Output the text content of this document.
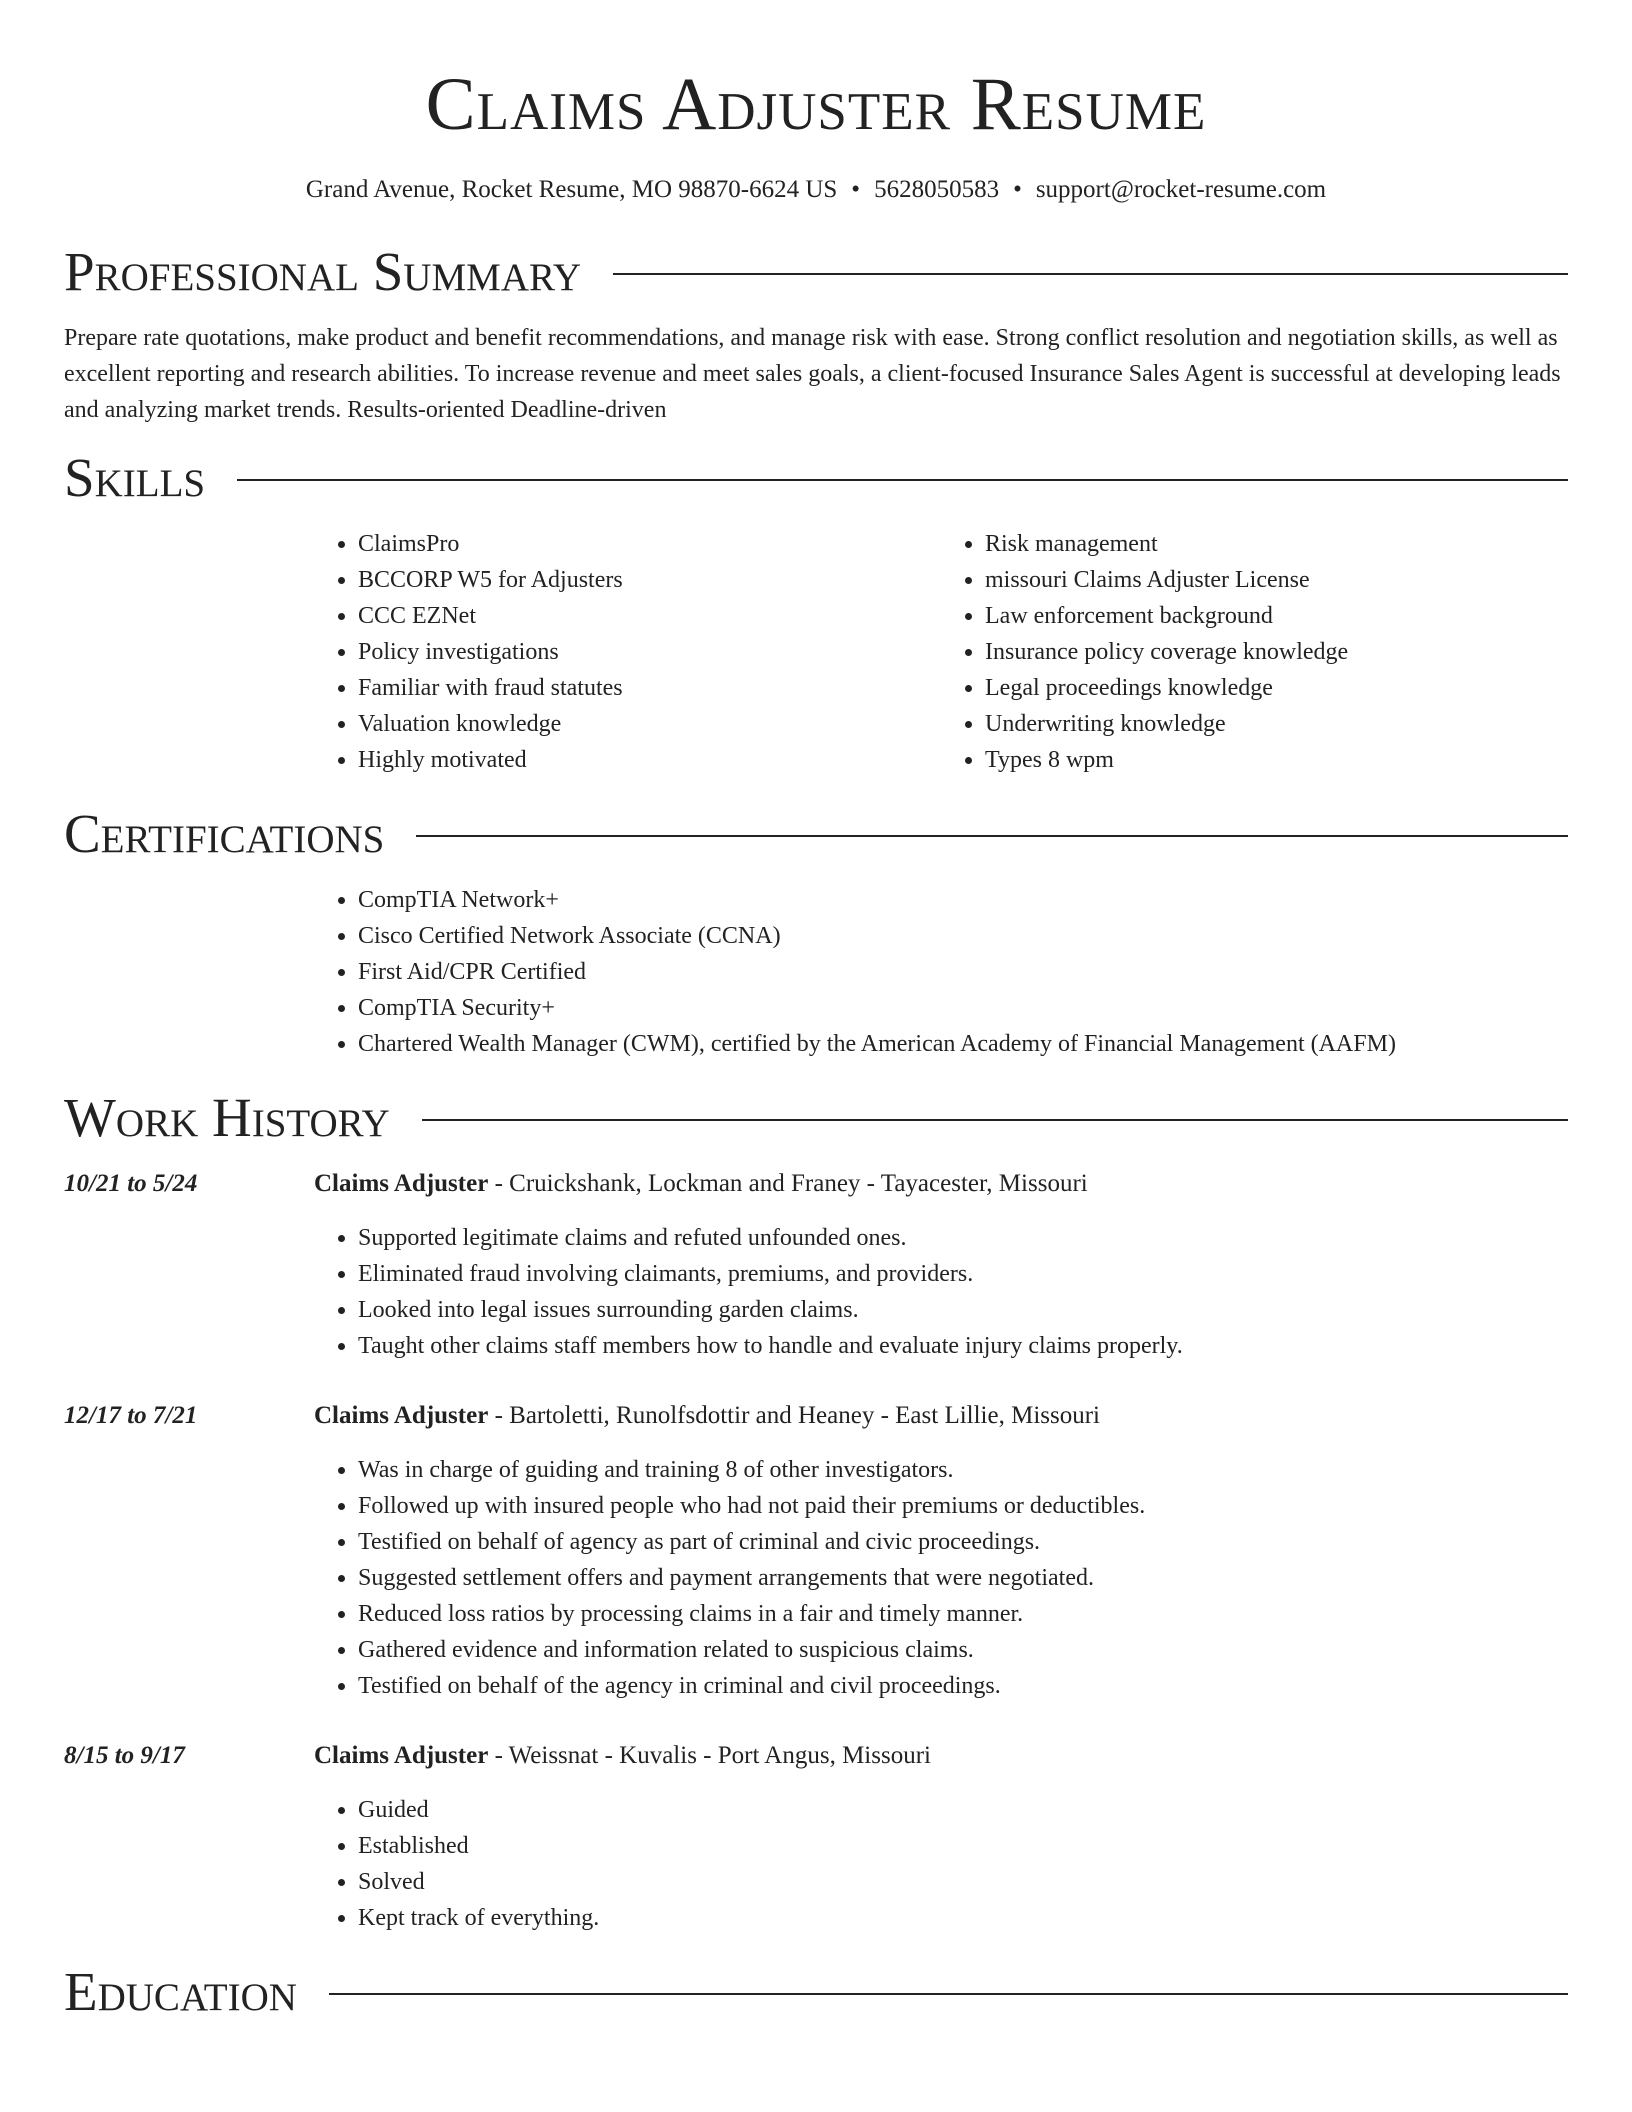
Claims Adjuster Resume
Grand Avenue, Rocket Resume, MO 98870-6624 US • 5628050583 • support@rocket-resume.com
Professional Summary

Prepare rate quotations, make product and benefit recommendations, and manage risk with ease. Strong conflict resolution and negotiation skills, as well as excellent reporting and research abilities. To increase revenue and meet sales goals, a client-focused Insurance Sales Agent is successful at developing leads and analyzing market trends. Results-oriented Deadline-driven

Skills
• ClaimsPro
• BCCORP W5 for Adjusters
• CCC EZNet
• Policy investigations
• Familiar with fraud statutes
• Valuation knowledge
• Highly motivated
• Risk management
• missouri Claims Adjuster License
• Law enforcement background
• Insurance policy coverage knowledge
• Legal proceedings knowledge
• Underwriting knowledge
• Types 8 wpm
Certifications
• CompTIA Network+
• Cisco Certified Network Associate (CCNA)
• First Aid/CPR Certified
• CompTIA Security+
• Chartered Wealth Manager (CWM), certified by the American Academy of Financial Management (AAFM)
Work History
10/21 to 5/24	Claims Adjuster - Cruickshank, Lockman and Franey - Tayacester, Missouri
• Supported legitimate claims and refuted unfounded ones.
• Eliminated fraud involving claimants, premiums, and providers.
• Looked into legal issues surrounding garden claims.
• Taught other claims staff members how to handle and evaluate injury claims properly.
12/17 to 7/21	Claims Adjuster - Bartoletti, Runolfsdottir and Heaney - East Lillie, Missouri
• Was in charge of guiding and training 8 of other investigators.
• Followed up with insured people who had not paid their premiums or deductibles.
• Testified on behalf of agency as part of criminal and civic proceedings.
• Suggested settlement offers and payment arrangements that were negotiated.
• Reduced loss ratios by processing claims in a fair and timely manner.
• Gathered evidence and information related to suspicious claims.
• Testified on behalf of the agency in criminal and civil proceedings.
8/15 to 9/17	Claims Adjuster - Weissnat - Kuvalis - Port Angus, Missouri
• Guided
• Established
• Solved
• Kept track of everything.
Education
